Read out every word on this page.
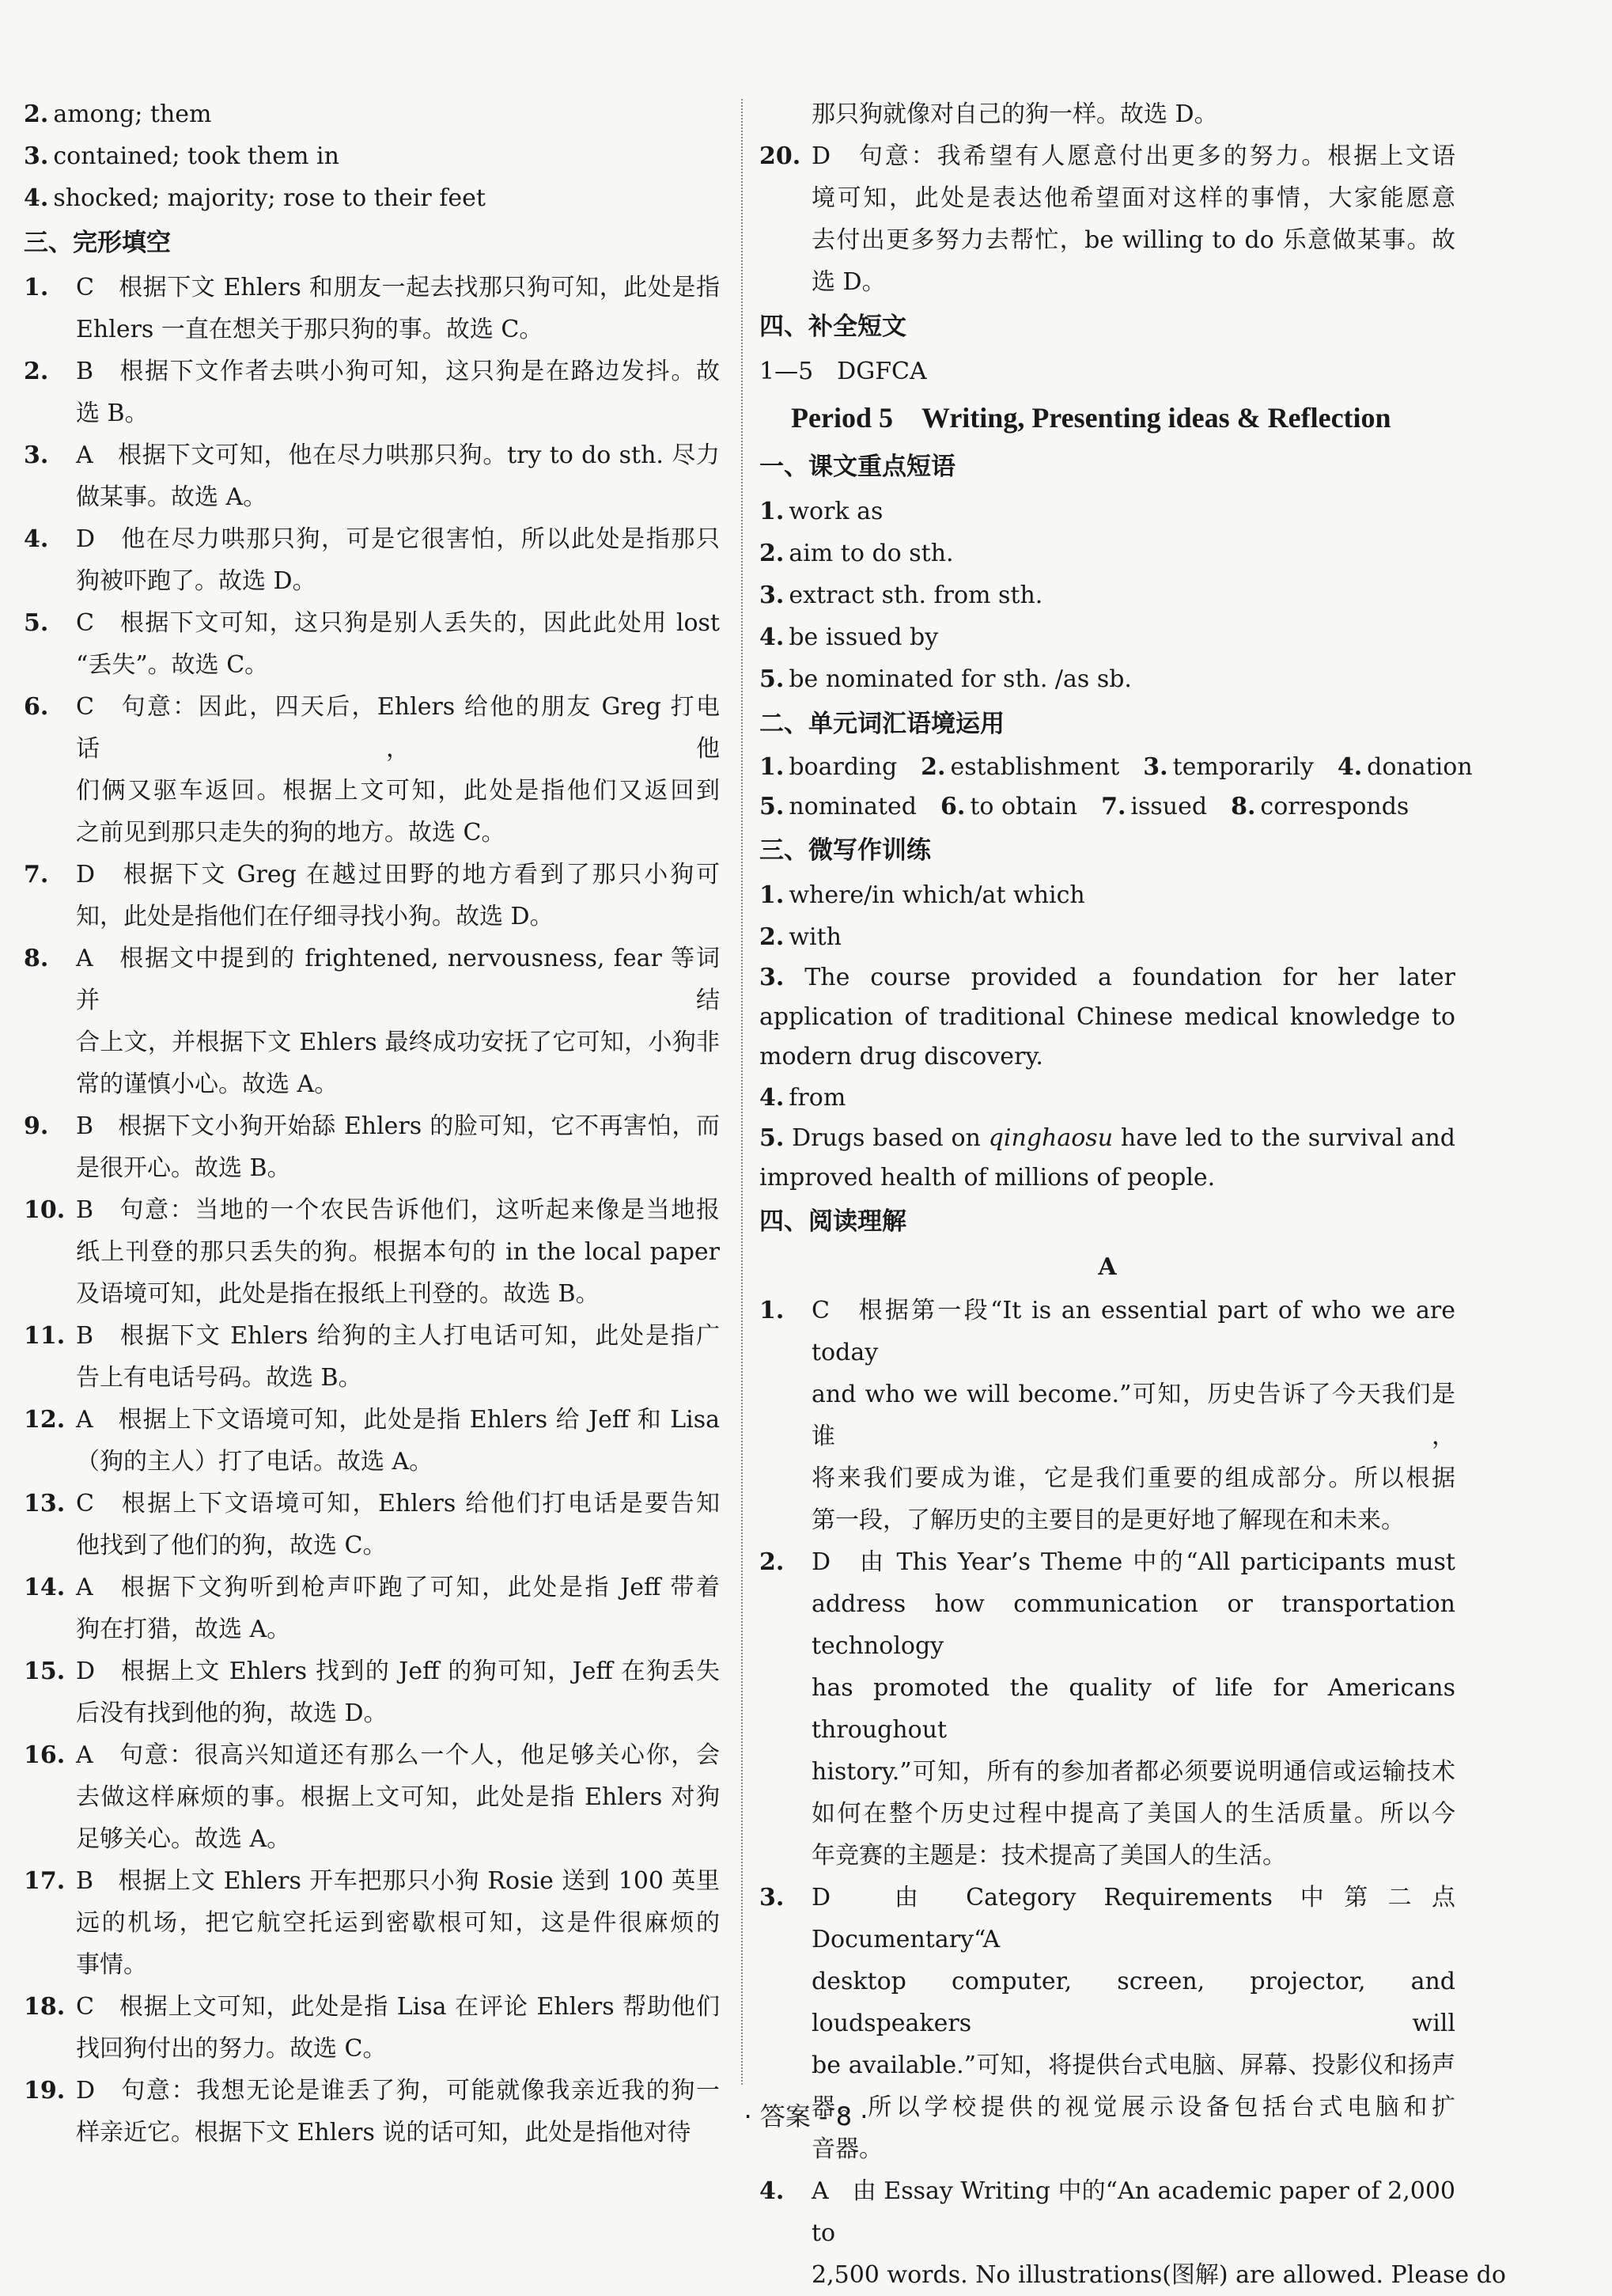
2. among; them
3. contained; took them in
4. shocked; majority; rose to their feet
三、完形填空
1. C　根据下文 Ehlers 和朋友一起去找那只狗可知，此处是指
Ehlers 一直在想关于那只狗的事。故选 C。
2. B　根据下文作者去哄小狗可知，这只狗是在路边发抖。故
选 B。
3. A　根据下文可知，他在尽力哄那只狗。try to do sth. 尽力
做某事。故选 A。
4. D　他在尽力哄那只狗，可是它很害怕，所以此处是指那只
狗被吓跑了。故选 D。
5. C　根据下文可知，这只狗是别人丢失的，因此此处用 lost
“丢失”。故选 C。
6. C　句意：因此，四天后，Ehlers 给他的朋友 Greg 打电话，他
们俩又驱车返回。根据上文可知，此处是指他们又返回到
之前见到那只走失的狗的地方。故选 C。
7. D　根据下文 Greg 在越过田野的地方看到了那只小狗可
知，此处是指他们在仔细寻找小狗。故选 D。
8. A　根据文中提到的 frightened, nervousness, fear 等词并结
合上文，并根据下文 Ehlers 最终成功安抚了它可知，小狗非
常的谨慎小心。故选 A。
9. B　根据下文小狗开始舔 Ehlers 的脸可知，它不再害怕，而
是很开心。故选 B。
10. B　句意：当地的一个农民告诉他们，这听起来像是当地报
纸上刊登的那只丢失的狗。根据本句的 in the local paper
及语境可知，此处是指在报纸上刊登的。故选 B。
11. B　根据下文 Ehlers 给狗的主人打电话可知，此处是指广
告上有电话号码。故选 B。
12. A　根据上下文语境可知，此处是指 Ehlers 给 Jeff 和 Lisa
（狗的主人）打了电话。故选 A。
13. C　根据上下文语境可知，Ehlers 给他们打电话是要告知
他找到了他们的狗，故选 C。
14. A　根据下文狗听到枪声吓跑了可知，此处是指 Jeff 带着
狗在打猎，故选 A。
15. D　根据上文 Ehlers 找到的 Jeff 的狗可知，Jeff 在狗丢失
后没有找到他的狗，故选 D。
16. A　句意：很高兴知道还有那么一个人，他足够关心你，会
去做这样麻烦的事。根据上文可知，此处是指 Ehlers 对狗
足够关心。故选 A。
17. B　根据上文 Ehlers 开车把那只小狗 Rosie 送到 100 英里
远的机场，把它航空托运到密歇根可知，这是件很麻烦的
事情。
18. C　根据上文可知，此处是指 Lisa 在评论 Ehlers 帮助他们
找回狗付出的努力。故选 C。
19. D　句意：我想无论是谁丢了狗，可能就像我亲近我的狗一
样亲近它。根据下文 Ehlers 说的话可知，此处是指他对待
那只狗就像对自己的狗一样。故选 D。
20. D　句意：我希望有人愿意付出更多的努力。根据上文语
境可知，此处是表达他希望面对这样的事情，大家能愿意
去付出更多努力去帮忙，be willing to do 乐意做某事。故
选 D。
四、补全短文
1—5　DGFCA
Period 5　Writing, Presenting ideas & Reflection
一、课文重点短语
1. work as
2. aim to do sth.
3. extract sth. from sth.
4. be issued by
5. be nominated for sth. /as sb.
二、单元词汇语境运用
1. boarding 2. establishment 3. temporarily 4. donation
5. nominated 6. to obtain 7. issued 8. corresponds
三、微写作训练
1. where/in which/at which
2. with
3. The course provided a foundation for her later application of traditional Chinese medical knowledge to modern drug discovery.
4. from
5. Drugs based on qinghaosu have led to the survival and improved health of millions of people.
四、阅读理解
A
1. C　根据第一段“It is an essential part of who we are today
and who we will become.”可知，历史告诉了今天我们是谁，
将来我们要成为谁，它是我们重要的组成部分。所以根据
第一段，了解历史的主要目的是更好地了解现在和未来。
2. D　由 This Year’s Theme 中的“All participants must
address how communication or transportation technology
has promoted the quality of life for Americans throughout
history.”可知，所有的参加者都必须要说明通信或运输技术
如何在整个历史过程中提高了美国人的生活质量。所以今
年竞赛的主题是：技术提高了美国人的生活。
3. D　由 Category Requirements 中第二点 Documentary“A
desktop computer, screen, projector, and loudspeakers will
be available.”可知，将提供台式电脑、屏幕、投影仪和扬声
器。所以学校提供的视觉展示设备包括台式电脑和扩
音器。
4. A　由 Essay Writing 中的“An academic paper of 2,000 to
2,500 words. No illustrations(图解) are allowed. Please do
· 答案 - 8 ·
